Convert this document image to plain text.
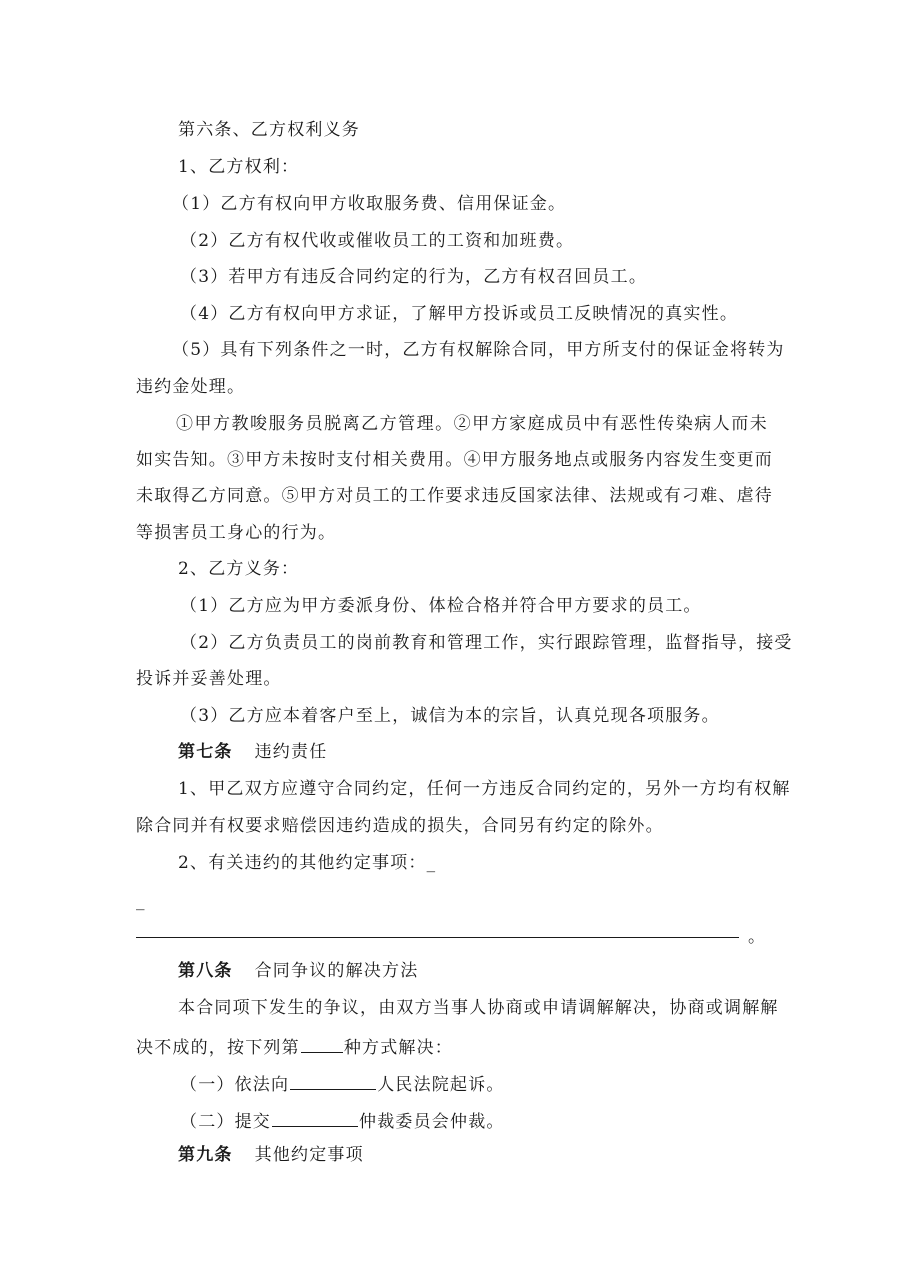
第六条、乙方权利义务
1、乙方权利：
（1）乙方有权向甲方收取服务费、信用保证金。
（2）乙方有权代收或催收员工的工资和加班费。
（3）若甲方有违反合同约定的行为，乙方有权召回员工。
（4）乙方有权向甲方求证，了解甲方投诉或员工反映情况的真实性。
（5）具有下列条件之一时，乙方有权解除合同，甲方所支付的保证金将转为
违约金处理。
①甲方教唆服务员脱离乙方管理。②甲方家庭成员中有恶性传染病人而未
如实告知。③甲方未按时支付相关费用。④甲方服务地点或服务内容发生变更而
未取得乙方同意。⑤甲方对员工的工作要求违反国家法律、法规或有刁难、虐待
等损害员工身心的行为。
2、乙方义务：
（1）乙方应为甲方委派身份、体检合格并符合甲方要求的员工。
（2）乙方负责员工的岗前教育和管理工作，实行跟踪管理，监督指导，接受
投诉并妥善处理。
（3）乙方应本着客户至上，诚信为本的宗旨，认真兑现各项服务。
第七条 违约责任
1、甲乙双方应遵守合同约定，任何一方违反合同约定的，另外一方均有权解
除合同并有权要求赔偿因违约造成的损失，合同另有约定的除外。
2、有关违约的其他约定事项：_
_
。
第八条 合同争议的解决方法
本合同项下发生的争议，由双方当事人协商或申请调解解决，协商或调解解
决不成的，按下列第	种方式解决：
（一）依法向	人民法院起诉。
（二）提交	仲裁委员会仲裁。
第九条 其他约定事项
